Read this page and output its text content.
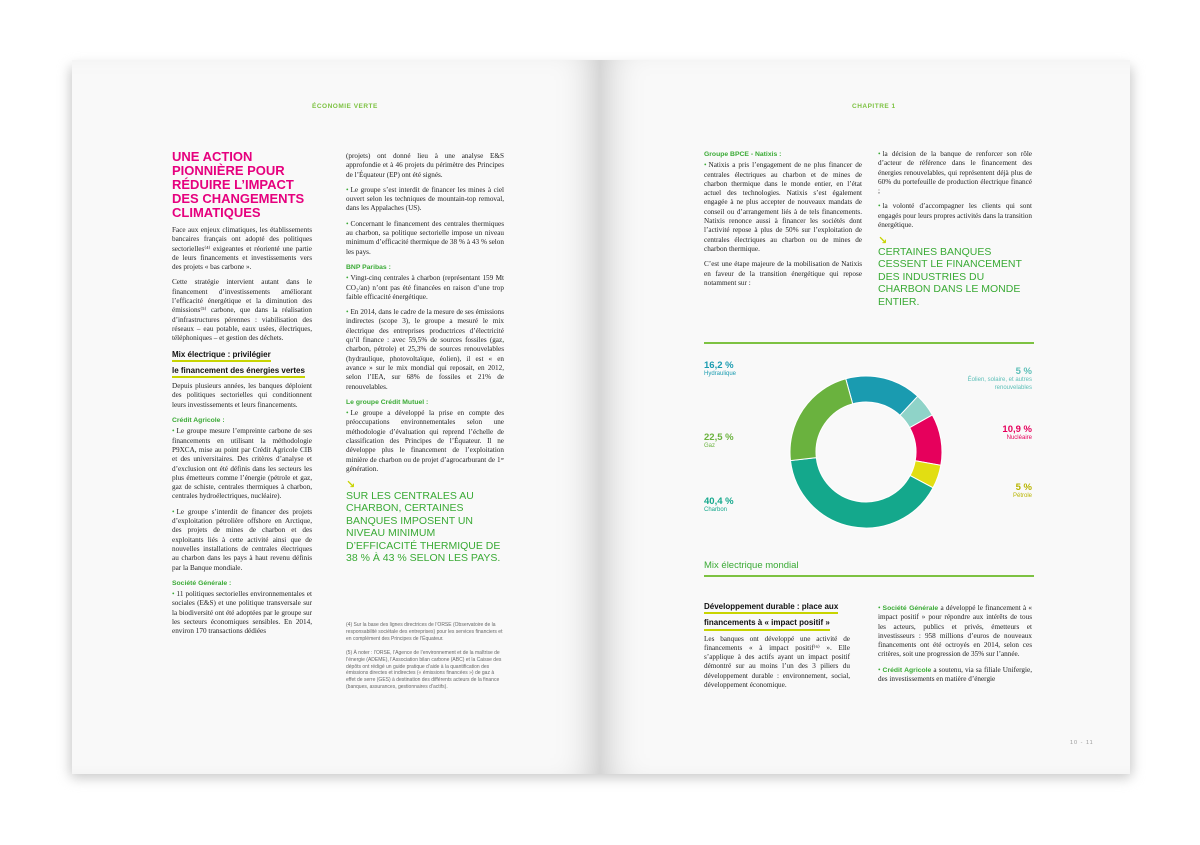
ÉCONOMIE VERTE
UNE ACTION PIONNIÈRE POUR RÉDUIRE L’IMPACT DES CHANGEMENTS CLIMATIQUES

Face aux enjeux climatiques, les établissements bancaires français ont adopté des politiques sectorielles⁽⁴⁾ exigeantes et réorienté une partie de leurs financements et investissements vers des projets « bas carbone ».

Cette stratégie intervient autant dans le financement d’investissements améliorant l’efficacité énergétique et la diminution des émissions⁽⁵⁾ carbone, que dans la réalisation d’infrastructures pérennes : viabilisation des réseaux – eau potable, eaux usées, électriques, téléphoniques – et gestion des déchets.

Mix électrique : privilégier
le financement des énergies vertes

Depuis plusieurs années, les banques déploient des politiques sectorielles qui conditionnent leurs investissements et leurs financements.

Crédit Agricole :

• Le groupe mesure l’empreinte carbone de ses financements en utilisant la méthodologie P9XCA, mise au point par Crédit Agricole CIB et des universitaires. Des critères d’analyse et d’exclusion ont été définis dans les secteurs les plus émetteurs comme l’énergie (pétrole et gaz, gaz de schiste, centrales thermiques à charbon, centrales hydroélectriques, nucléaire).

• Le groupe s’interdit de financer des projets d’exploitation pétrolière offshore en Arctique, des projets de mines de charbon et des exploitants liés à cette activité ainsi que de nouvelles installations de centrales électriques au charbon dans les pays à haut revenu définis par la Banque mondiale.

Société Générale :

• 11 politiques sectorielles environnementales et sociales (E&S) et une politique transversale sur la biodiversité ont été adoptées par le groupe sur les secteurs économiques sensibles. En 2014, environ 170 transactions dédiées

(projets) ont donné lieu à une analyse E&S approfondie et à 46 projets du périmètre des Principes de l’Équateur (EP) ont été signés.

• Le groupe s’est interdit de financer les mines à ciel ouvert selon les techniques de mountain-top removal, dans les Appalaches (US).

• Concernant le financement des centrales thermiques au charbon, sa politique sectorielle impose un niveau minimum d’efficacité thermique de 38 % à 43 % selon les pays.

BNP Paribas :

• Vingt-cinq centrales à charbon (représentant 159 Mt CO₂/an) n’ont pas été financées en raison d’une trop faible efficacité énergétique.

• En 2014, dans le cadre de la mesure de ses émissions indirectes (scope 3), le groupe a mesuré le mix électrique des entreprises productrices d’électricité qu’il finance : avec 59,5% de sources fossiles (gaz, charbon, pétrole) et 25,3% de sources renouvelables (hydraulique, photovoltaïque, éolien), il est « en avance » sur le mix mondial qui reposait, en 2012, selon l’IEA, sur 68% de fossiles et 21% de renouvelables.

Le groupe Crédit Mutuel :

• Le groupe a développé la prise en compte des préoccupations environnementales selon une méthodologie d’évaluation qui reprend l’échelle de classification des Principes de l’Équateur. Il ne développe plus le financement de l’exploitation minière de charbon ou de projet d’agrocarburant de 1ʳᵉ génération.

↘
SUR LES CENTRALES AU CHARBON, CERTAINES BANQUES IMPOSENT UN NIVEAU MINIMUM D’EFFICACITÉ THERMIQUE DE 38 % À 43 % SELON LES PAYS.
(4) Sur la base des lignes directrices de l’ORSE (Observatoire de la responsabilité sociétale des entreprises) pour les services financiers et en complément des Principes de l’Équateur.
(5) À noter : l’ORSE, l’Agence de l’environnement et de la maîtrise de l’énergie (ADEME), l’Association bilan carbone (ABC) et la Caisse des dépôts ont rédigé un guide pratique d’aide à la quantification des émissions directes et indirectes (« émissions financées ») de gaz à effet de serre (GES) à destination des différents acteurs de la finance (banques, assurances, gestionnaires d’actifs).
CHAPITRE 1
Groupe BPCE - Natixis :

• Natixis a pris l’engagement de ne plus financer de centrales électriques au charbon et de mines de charbon thermique dans le monde entier, en l’état actuel des technologies. Natixis s’est également engagée à ne plus accepter de nouveaux mandats de conseil ou d’arrangement liés à de tels financements. Natixis renonce aussi à financer les sociétés dont l’activité repose à plus de 50% sur l’exploitation de centrales électriques au charbon ou de mines de charbon thermique.

C’est une étape majeure de la mobilisation de Natixis en faveur de la transition énergétique qui repose notamment sur :

• la décision de la banque de renforcer son rôle d’acteur de référence dans le financement des énergies renouvelables, qui représentent déjà plus de 60% du portefeuille de production électrique financé ;

• la volonté d’accompagner les clients qui sont engagés pour leurs propres activités dans la transition énergétique.

↘
CERTAINES BANQUES CESSENT LE FINANCEMENT DES INDUSTRIES DU CHARBON DANS LE MONDE ENTIER.
16,2 %
Hydraulique	5 %
Éolien, solaire, et autres renouvelables
10,9 %
Nucléaire
5 %
Pétrole
40,4 %
Charbon
22,5 %
Gaz
Mix électrique mondial
Développement durable : place aux
financements à « impact positif »

Les banques ont développé une activité de financements « à impact positif⁽⁶⁾ ». Elle s’applique à des actifs ayant un impact positif démontré sur au moins l’un des 3 piliers du développement durable : environnement, social, développement économique.

• Société Générale a développé le financement à « impact positif » pour répondre aux intérêts de tous les acteurs, publics et privés, émetteurs et investisseurs : 958 millions d’euros de nouveaux financements ont été octroyés en 2014, selon ces critères, soit une progression de 35% sur l’année.

• Crédit Agricole a soutenu, via sa filiale Unifergie, des investissements en matière d’énergie

10 - 11
